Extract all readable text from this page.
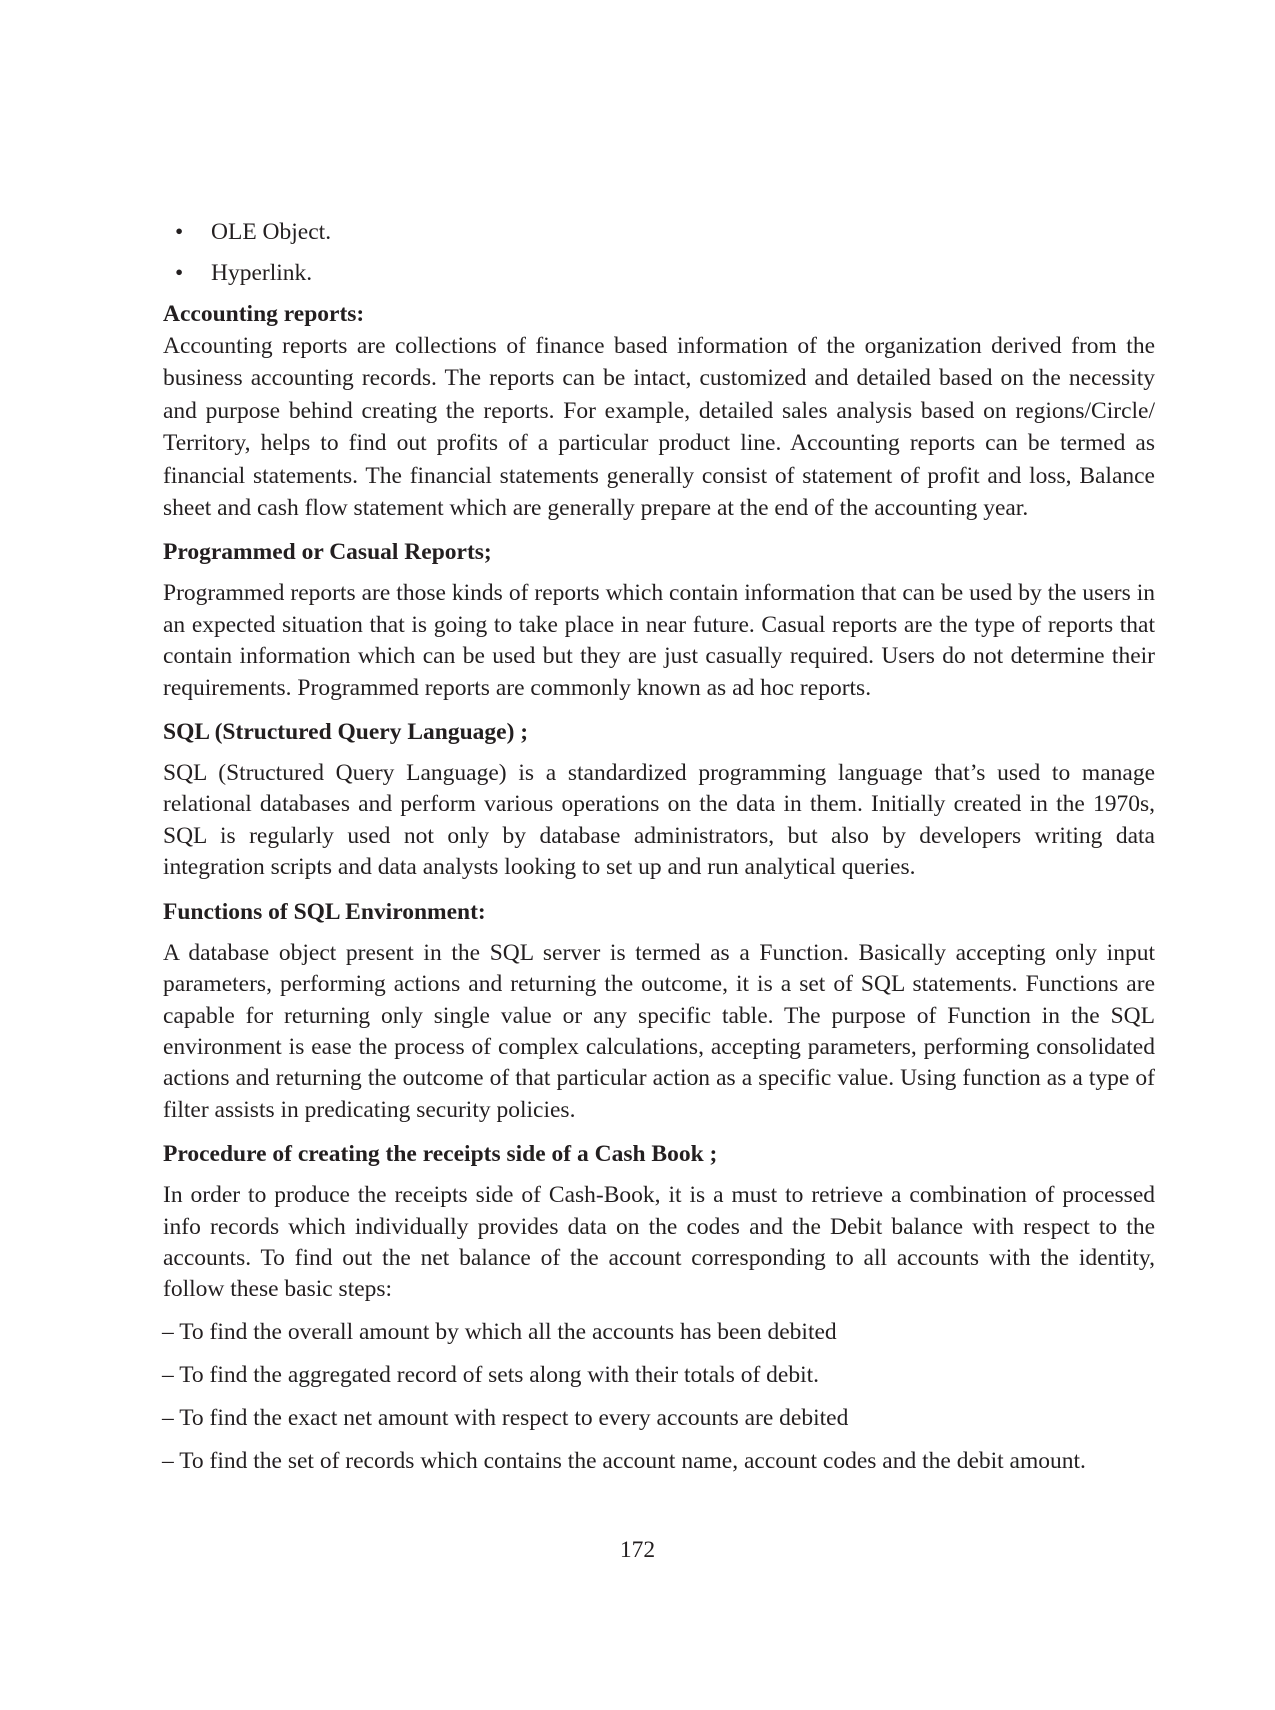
• OLE Object.
• Hyperlink.
Accounting reports:

Accounting reports are collections of finance based information of the organization derived from the business accounting records. The reports can be intact, customized and detailed based on the necessity and purpose behind creating the reports. For example, detailed sales analysis based on regions/Circle/ Territory, helps to find out profits of a particular product line. Accounting reports can be termed as financial statements. The financial statements generally consist of statement of profit and loss, Balance sheet and cash flow statement which are generally prepare at the end of the accounting year.

Programmed or Casual Reports;

Programmed reports are those kinds of reports which contain information that can be used by the users in an expected situation that is going to take place in near future. Casual reports are the type of reports that contain information which can be used but they are just casually required. Users do not determine their requirements. Programmed reports are commonly known as ad hoc reports.

SQL (Structured Query Language) ;

SQL (Structured Query Language) is a standardized programming language that’s used to manage relational databases and perform various operations on the data in them. Initially created in the 1970s, SQL is regularly used not only by database administrators, but also by developers writing data integration scripts and data analysts looking to set up and run analytical queries.

Functions of SQL Environment:

A database object present in the SQL server is termed as a Function. Basically accepting only input parameters, performing actions and returning the outcome, it is a set of SQL statements. Functions are capable for returning only single value or any specific table. The purpose of Function in the SQL environment is ease the process of complex calculations, accepting parameters, performing consolidated actions and returning the outcome of that particular action as a specific value. Using function as a type of filter assists in predicating security policies.

Procedure of creating the receipts side of a Cash Book ;

In order to produce the receipts side of Cash-Book, it is a must to retrieve a combination of processed info records which individually provides data on the codes and the Debit balance with respect to the accounts. To find out the net balance of the account corresponding to all accounts with the identity, follow these basic steps:

– To find the overall amount by which all the accounts has been debited
– To find the aggregated record of sets along with their totals of debit.
– To find the exact net amount with respect to every accounts are debited
– To find the set of records which contains the account name, account codes and the debit amount.
172
